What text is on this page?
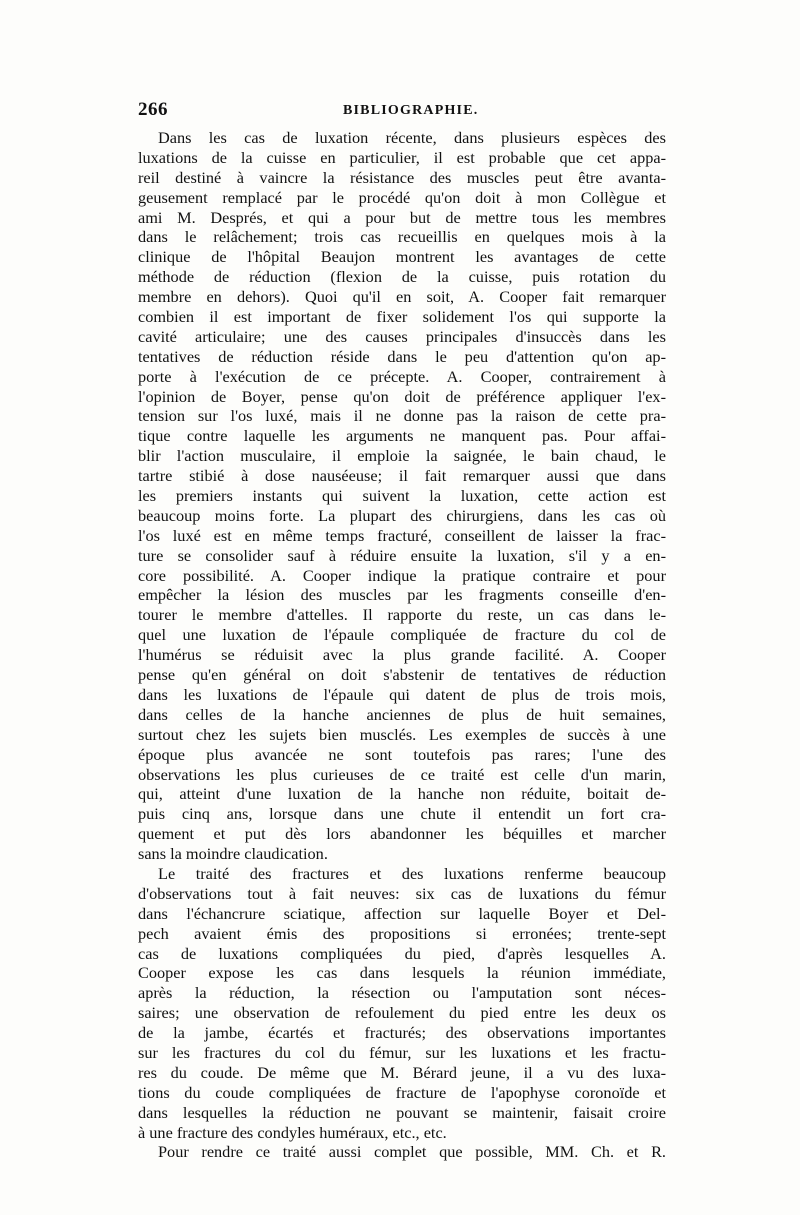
266	BIBLIOGRAPHIE.
Dans les cas de luxation récente, dans plusieurs espèces des
luxations de la cuisse en particulier, il est probable que cet appa-
reil destiné à vaincre la résistance des muscles peut être avanta-
geusement remplacé par le procédé qu'on doit à mon Collègue et
ami M. Després, et qui a pour but de mettre tous les membres
dans le relâchement; trois cas recueillis en quelques mois à la
clinique de l'hôpital Beaujon montrent les avantages de cette
méthode de réduction (flexion de la cuisse, puis rotation du
membre en dehors). Quoi qu'il en soit, A. Cooper fait remarquer
combien il est important de fixer solidement l'os qui supporte la
cavité articulaire; une des causes principales d'insuccès dans les
tentatives de réduction réside dans le peu d'attention qu'on ap-
porte à l'exécution de ce précepte. A. Cooper, contrairement à
l'opinion de Boyer, pense qu'on doit de préférence appliquer l'ex-
tension sur l'os luxé, mais il ne donne pas la raison de cette pra-
tique contre laquelle les arguments ne manquent pas. Pour affai-
blir l'action musculaire, il emploie la saignée, le bain chaud, le
tartre stibié à dose nauséeuse; il fait remarquer aussi que dans
les premiers instants qui suivent la luxation, cette action est
beaucoup moins forte. La plupart des chirurgiens, dans les cas où
l'os luxé est en même temps fracturé, conseillent de laisser la frac-
ture se consolider sauf à réduire ensuite la luxation, s'il y a en-
core possibilité. A. Cooper indique la pratique contraire et pour
empêcher la lésion des muscles par les fragments conseille d'en-
tourer le membre d'attelles. Il rapporte du reste, un cas dans le-
quel une luxation de l'épaule compliquée de fracture du col de
l'humérus se réduisit avec la plus grande facilité. A. Cooper
pense qu'en général on doit s'abstenir de tentatives de réduction
dans les luxations de l'épaule qui datent de plus de trois mois,
dans celles de la hanche anciennes de plus de huit semaines,
surtout chez les sujets bien musclés. Les exemples de succès à une
époque plus avancée ne sont toutefois pas rares; l'une des
observations les plus curieuses de ce traité est celle d'un marin,
qui, atteint d'une luxation de la hanche non réduite, boitait de-
puis cinq ans, lorsque dans une chute il entendit un fort cra-
quement et put dès lors abandonner les béquilles et marcher
sans la moindre claudication.
Le traité des fractures et des luxations renferme beaucoup
d'observations tout à fait neuves: six cas de luxations du fémur
dans l'échancrure sciatique, affection sur laquelle Boyer et Del-
pech avaient émis des propositions si erronées; trente-sept
cas de luxations compliquées du pied, d'après lesquelles A.
Cooper expose les cas dans lesquels la réunion immédiate,
après la réduction, la résection ou l'amputation sont néces-
saires; une observation de refoulement du pied entre les deux os
de la jambe, écartés et fracturés; des observations importantes
sur les fractures du col du fémur, sur les luxations et les fractu-
res du coude. De même que M. Bérard jeune, il a vu des luxa-
tions du coude compliquées de fracture de l'apophyse coronoïde et
dans lesquelles la réduction ne pouvant se maintenir, faisait croire
à une fracture des condyles huméraux, etc., etc.
Pour rendre ce traité aussi complet que possible, MM. Ch. et R.
